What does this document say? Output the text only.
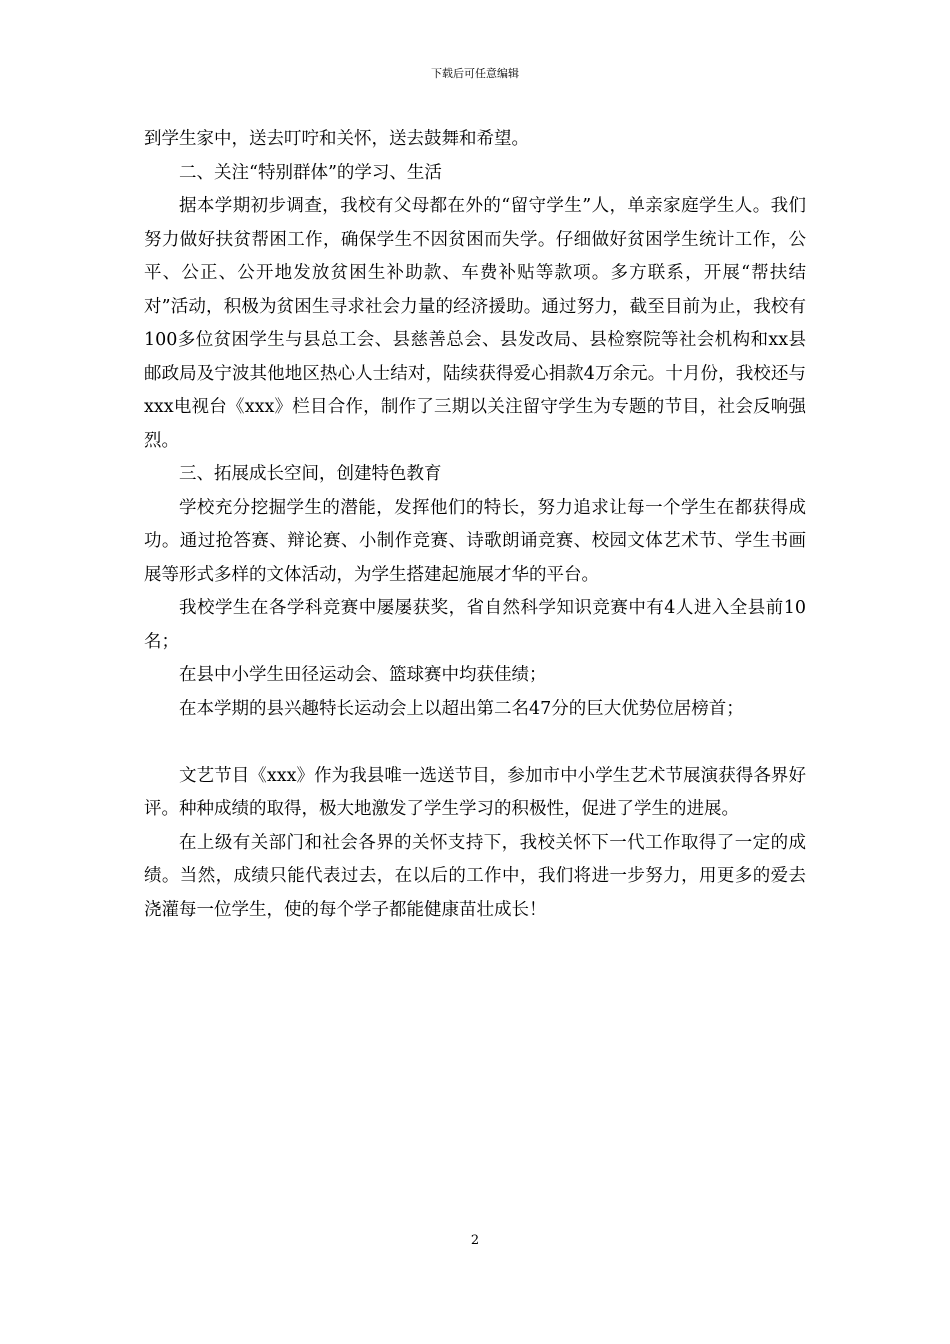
下载后可任意编辑

到学生家中，送去叮咛和关怀，送去鼓舞和希望。

二、关注“特别群体”的学习、生活

据本学期初步调查，我校有父母都在外的“留守学生”人，单亲家庭学生人。我们努力做好扶贫帮困工作，确保学生不因贫困而失学。仔细做好贫困学生统计工作，公平、公正、公开地发放贫困生补助款、车费补贴等款项。多方联系，开展“帮扶结对”活动，积极为贫困生寻求社会力量的经济援助。通过努力，截至目前为止，我校有100多位贫困学生与县总工会、县慈善总会、县发改局、县检察院等社会机构和xx县邮政局及宁波其他地区热心人士结对，陆续获得爱心捐款4万余元。十月份，我校还与xxx电视台《xxx》栏目合作，制作了三期以关注留守学生为专题的节目，社会反响强烈。

三、拓展成长空间，创建特色教育

学校充分挖掘学生的潜能，发挥他们的特长，努力追求让每一个学生在都获得成功。通过抢答赛、辩论赛、小制作竞赛、诗歌朗诵竞赛、校园文体艺术节、学生书画展等形式多样的文体活动，为学生搭建起施展才华的平台。

我校学生在各学科竞赛中屡屡获奖，省自然科学知识竞赛中有4人进入全县前10名；

在县中小学生田径运动会、篮球赛中均获佳绩；

在本学期的县兴趣特长运动会上以超出第二名47分的巨大优势位居榜首；

文艺节目《xxx》作为我县唯一选送节目，参加市中小学生艺术节展演获得各界好评。种种成绩的取得，极大地激发了学生学习的积极性，促进了学生的进展。

在上级有关部门和社会各界的关怀支持下，我校关怀下一代工作取得了一定的成绩。当然，成绩只能代表过去，在以后的工作中，我们将进一步努力，用更多的爱去浇灌每一位学生，使的每个学子都能健康苗壮成长！

2
